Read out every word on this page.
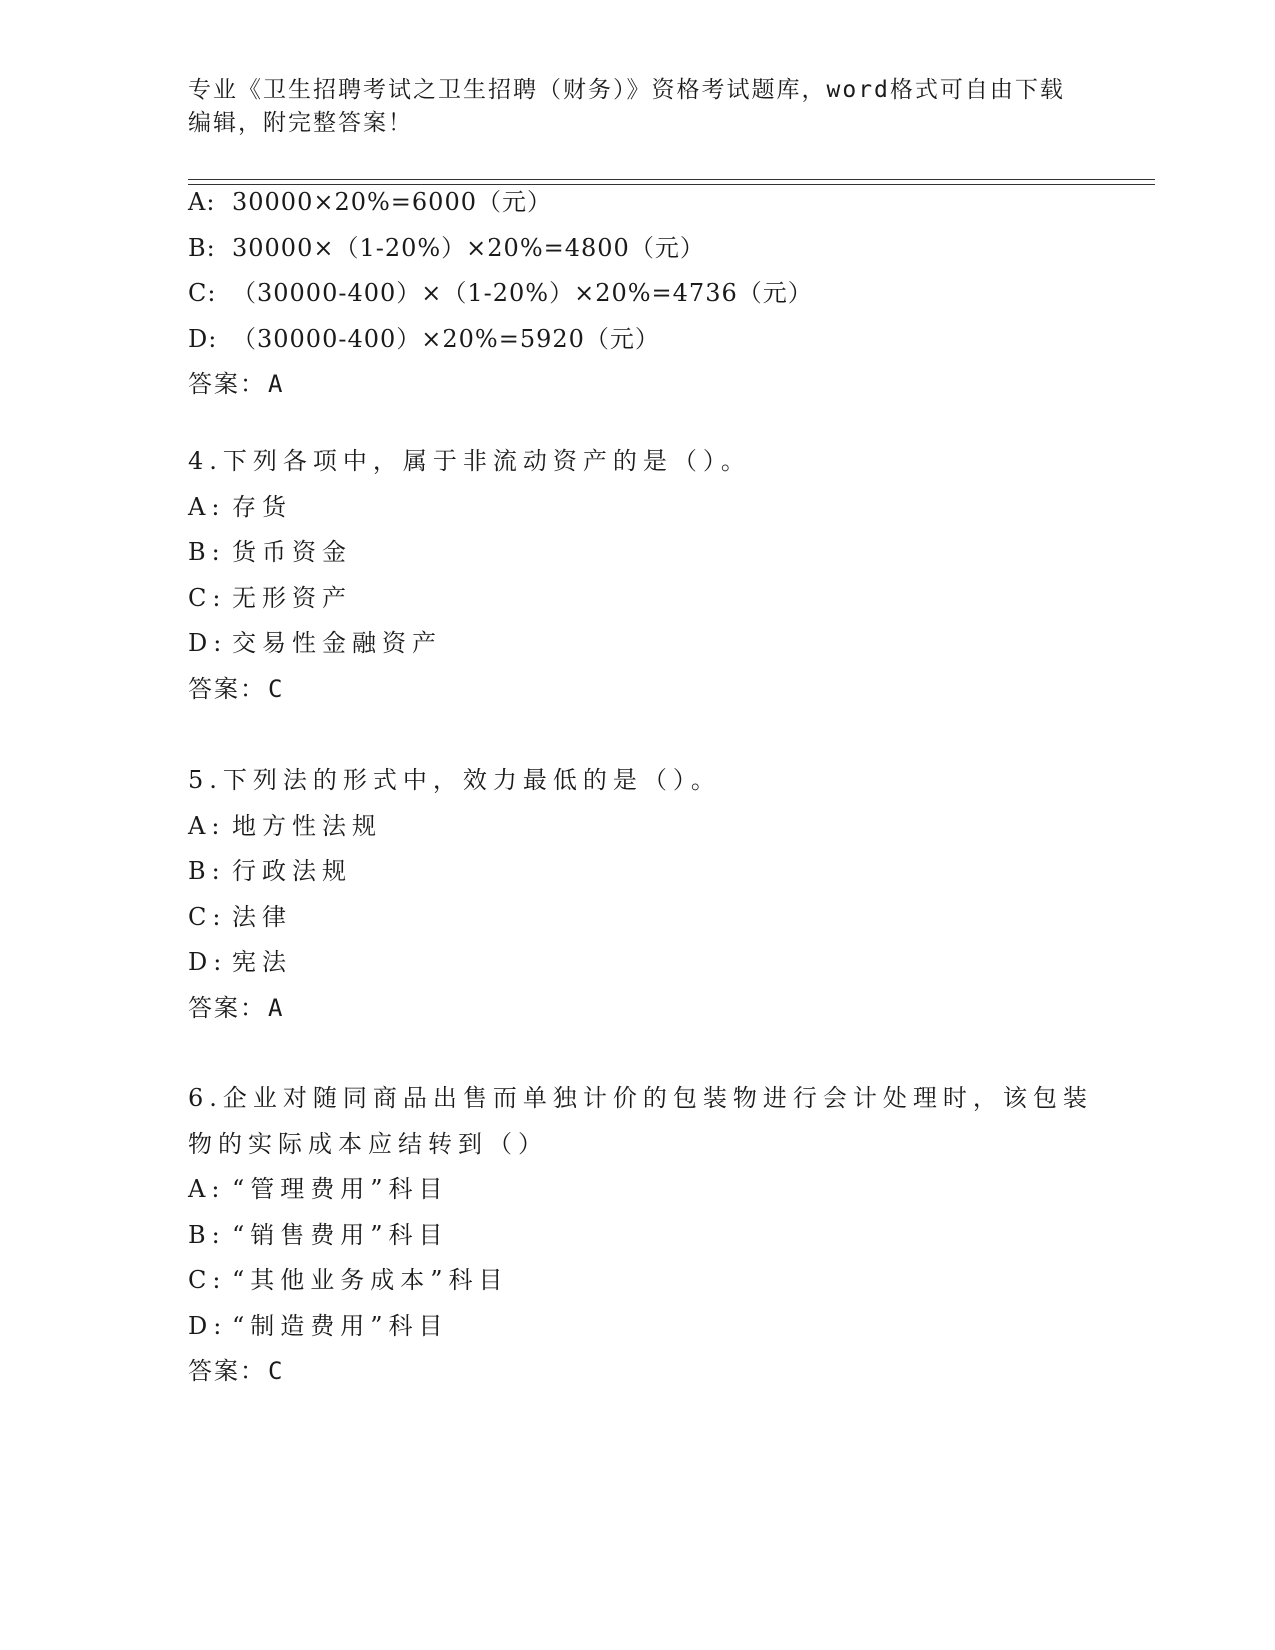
专业《卫生招聘考试之卫生招聘（财务）》资格考试题库，word格式可自由下载
编辑，附完整答案！
A: 30000×20%=6000（元）
B: 30000×（1-20%）×20%=4800（元）
C: （30000-400）×（1-20%）×20%=4736（元）
D: （30000-400）×20%=5920（元）
答案：A
4.下列各项中，属于非流动资产的是（）。
A: 存货
B: 货币资金
C: 无形资产
D: 交易性金融资产
答案：C
5.下列法的形式中，效力最低的是（）。
A: 地方性法规
B: 行政法规
C: 法律
D: 宪法
答案：A
6.企业对随同商品出售而单独计价的包装物进行会计处理时，该包装
物的实际成本应结转到（）
A: “管理费用”科目
B: “销售费用”科目
C: “其他业务成本”科目
D: “制造费用”科目
答案：C
